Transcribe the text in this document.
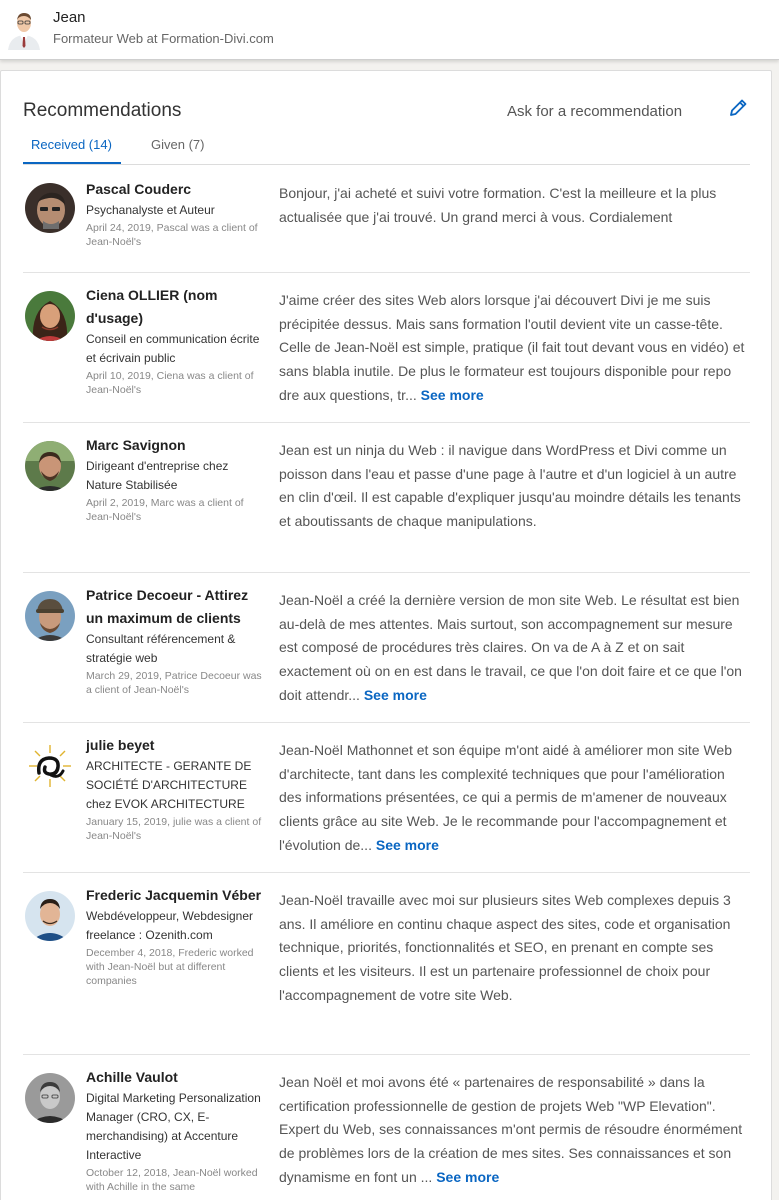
Jean
Formateur Web at Formation-Divi.com
Recommendations	Ask for a recommendation
Received (14)	Given (7)
Pascal Couderc
Psychanalyste et Auteur
April 24, 2019, Pascal was a client of Jean-Noël's
Bonjour, j'ai acheté et suivi votre formation. C'est la meilleure et la plus actualisée que j'ai trouvé. Un grand merci à vous. Cordialement
Ciena OLLIER (nom d'usage)
Conseil en communication écrite et écrivain public
April 10, 2019, Ciena was a client of Jean-Noël's
J'aime créer des sites Web alors lorsque j'ai découvert Divi je me suis précipitée dessus. Mais sans formation l'outil devient vite un casse-tête. Celle de Jean-Noël est simple, pratique (il fait tout devant vous en vidéo) et sans blabla inutile. De plus le formateur est toujours disponible pour repo dre aux questions, tr... See more
Marc Savignon
Dirigeant d'entreprise chez Nature Stabilisée
April 2, 2019, Marc was a client of Jean-Noël's
Jean est un ninja du Web : il navigue dans WordPress et Divi comme un poisson dans l'eau et passe d'une page à l'autre et d'un logiciel à un autre en clin d'œil. Il est capable d'expliquer jusqu'au moindre détails les tenants et aboutissants de chaque manipulations.
Patrice Decoeur - Attirez un maximum de clients
Consultant référencement & stratégie web
March 29, 2019, Patrice Decoeur was a client of Jean-Noël's
Jean-Noël a créé la dernière version de mon site Web. Le résultat est bien au-delà de mes attentes. Mais surtout, son accompagnement sur mesure est composé de procédures très claires. On va de A à Z et on sait exactement où on en est dans le travail, ce que l'on doit faire et ce que l'on doit attendr... See more
julie beyet
ARCHITECTE - GERANTE DE SOCIÉTÉ D'ARCHITECTURE chez EVOK ARCHITECTURE
January 15, 2019, julie was a client of Jean-Noël's
Jean-Noël Mathonnet et son équipe m'ont aidé à améliorer mon site Web d'architecte, tant dans les complexité techniques que pour l'amélioration des informations présentées, ce qui a permis de m'amener de nouveaux clients grâce au site Web. Je le recommande pour l'accompagnement et l'évolution de... See more
Frederic Jacquemin Véber
Webdéveloppeur, Webdesigner freelance : Ozenith.com
December 4, 2018, Frederic worked with Jean-Noël but at different companies
Jean-Noël travaille avec moi sur plusieurs sites Web complexes depuis 3 ans. Il améliore en continu chaque aspect des sites, code et organisation technique, priorités, fonctionnalités et SEO, en prenant en compte ses clients et les visiteurs. Il est un partenaire professionnel de choix pour l'accompagnement de votre site Web.
Achille Vaulot
Digital Marketing Personalization Manager (CRO, CX, E-merchandising) at Accenture Interactive
October 12, 2018, Jean-Noël worked with Achille in the same
Jean Noël et moi avons été « partenaires de responsabilité » dans la certification professionnelle de gestion de projets Web "WP Elevation". Expert du Web, ses connaissances m'ont permis de résoudre énormément de problèmes lors de la création de mes sites. Ses connaissances et son dynamisme en font un ... See more
